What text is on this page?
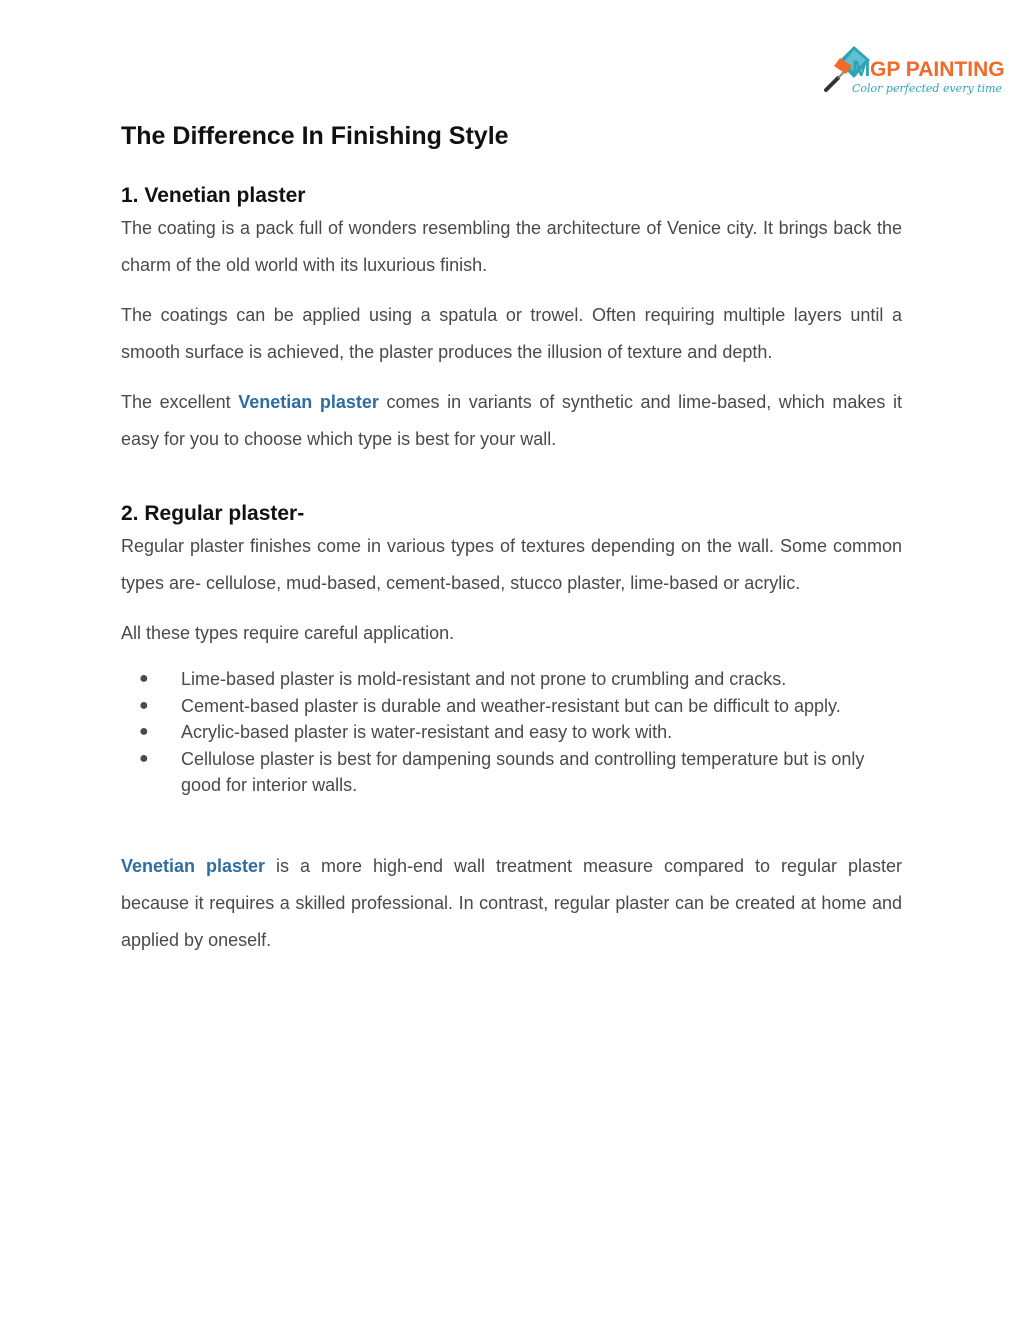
M GP PAINTING
Color perfected every time
The Difference In Finishing Style
1. Venetian plaster

The coating is a pack full of wonders resembling the architecture of Venice city. It brings back the charm of the old world with its luxurious finish.

The coatings can be applied using a spatula or trowel. Often requiring multiple layers until a smooth surface is achieved, the plaster produces the illusion of texture and depth.

The excellent Venetian plaster comes in variants of synthetic and lime-based, which makes it easy for you to choose which type is best for your wall.

2. Regular plaster-

Regular plaster finishes come in various types of textures depending on the wall. Some common types are- cellulose, mud-based, cement-based, stucco plaster, lime-based or acrylic.

All these types require careful application.

● Lime-based plaster is mold-resistant and not prone to crumbling and cracks.
● Cement-based plaster is durable and weather-resistant but can be difficult to apply.
● Acrylic-based plaster is water-resistant and easy to work with.
● Cellulose plaster is best for dampening sounds and controlling temperature but is only good for interior walls.

Venetian plaster is a more high-end wall treatment measure compared to regular plaster because it requires a skilled professional. In contrast, regular plaster can be created at home and applied by oneself.
